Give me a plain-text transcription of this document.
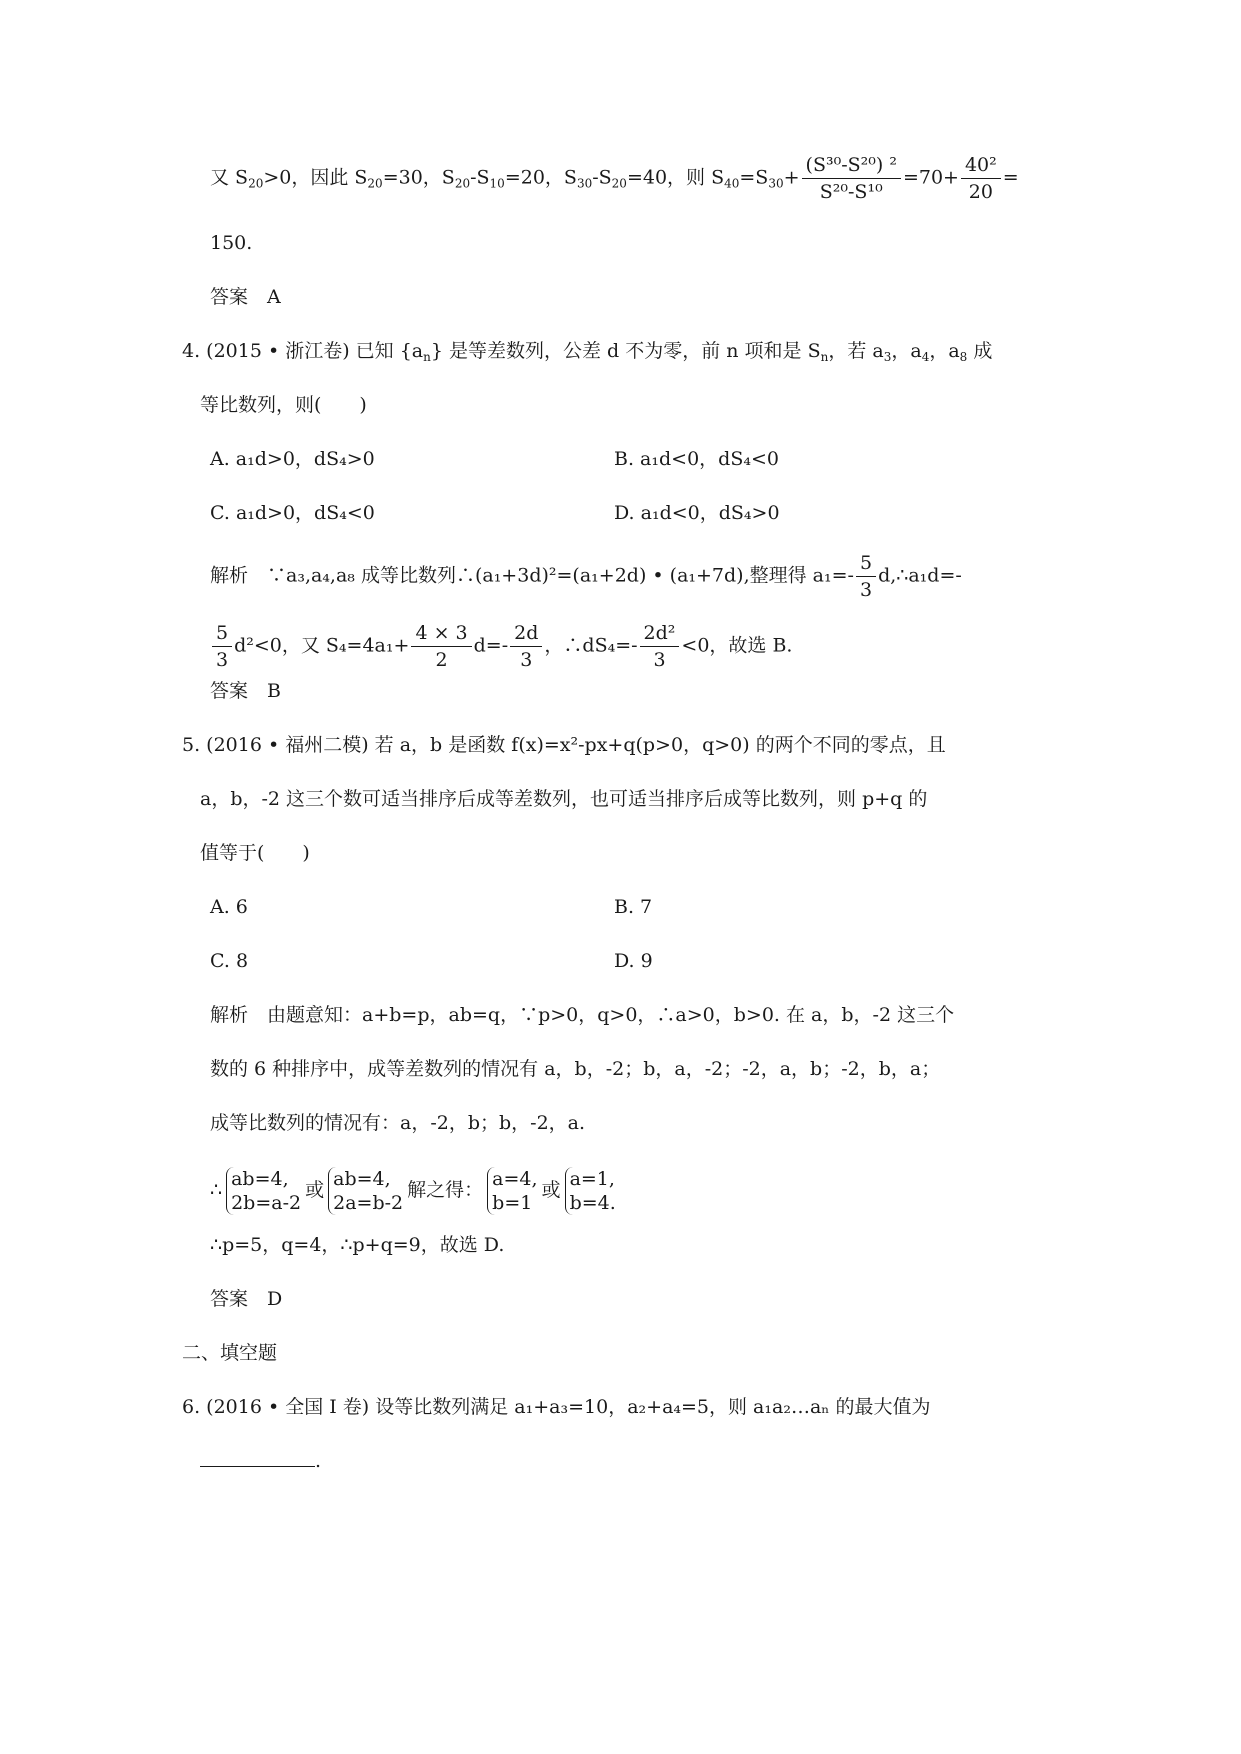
又 $S_{20}>0$，因此 $S_{20}=30$，$S_{20}-S_{10}=20$，$S_{30}-S_{20}=40$，则 $S_{40}=S_{30}+ \frac{\text{(S³⁰-S²⁰) ²}}{\text{S²⁰-S¹⁰}} =70+ \frac{\text{40²}}{20}$ =
150.
答案　A
4. (2015 • 浙江卷) 已知 $\{a_n\}$ 是等差数列，公差 d 不为零，前 n 项和是 $S_n$，若 $a_3$，$a_4$，$a_8$ 成
等比数列，则(　　)
A. a₁d>0，dS₄>0	B. a₁d<0，dS₄<0
C. a₁d>0，dS₄<0	D. a₁d<0，dS₄>0
解析　∵a₃,a₄,a₈ 成等比数列∴(a₁+3d)²=(a₁+2d) • (a₁+7d),整理得 $a_1=- \frac{5}{3}$ d,∴a₁d=-
$\frac{5}{3} d^2<0$，又 $S_4=4a_1+ \frac{4 \times 3}{2} d=- \frac{2d}{3}$ ，∴dS₄=- $\frac{\text{2d²}}{3} <0$，故选 B.
答案　B
5. (2016 • 福州二模) 若 a，b 是函数 f(x)=x²-px+q(p>0，q>0) 的两个不同的零点，且
a，b，-2 这三个数可适当排序后成等差数列，也可适当排序后成等比数列，则 p+q 的
值等于(　　)
A. 6	B. 7
C. 8	D. 9
解析　由题意知：a+b=p，ab=q，∵p>0，q>0，∴a>0，b>0. 在 a，b，-2 这三个
数的 6 种排序中，成等差数列的情况有 a，b，-2；b，a，-2；-2，a，b；-2，b，a；
成等比数列的情况有：a，-2，b；b，-2，a.
∴ ab=4,
2b=a-2
或 ab=4,
2a=b-2
解之得： a=4,
b=1
或 a=1,
b=4.
∴p=5，q=4，∴p+q=9，故选 D.
答案　D
二、填空题
6. (2016 • 全国 I 卷) 设等比数列满足 a₁+a₃=10，a₂+a₄=5，则 a₁a₂…aₙ 的最大值为
.
